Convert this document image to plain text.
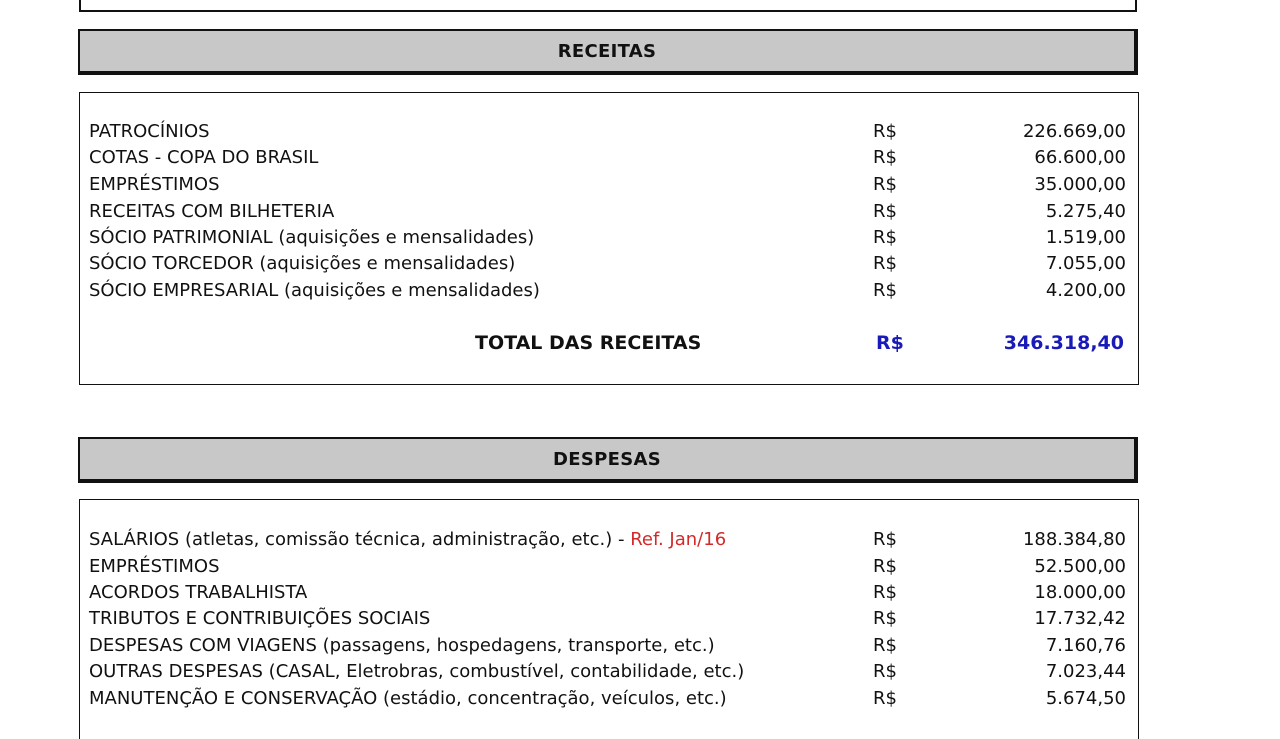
RECEITAS
PATROCÍNIOS	R$	226.669,00
COTAS - COPA DO BRASIL	R$	66.600,00
EMPRÉSTIMOS	R$	35.000,00
RECEITAS COM BILHETERIA	R$	5.275,40
SÓCIO PATRIMONIAL (aquisições e mensalidades)	R$	1.519,00
SÓCIO TORCEDOR (aquisições e mensalidades)	R$	7.055,00
SÓCIO EMPRESARIAL (aquisições e mensalidades)	R$	4.200,00
TOTAL DAS RECEITAS	R$	346.318,40
DESPESAS
SALÁRIOS (atletas, comissão técnica, administração, etc.) - Ref. Jan/16	R$	188.384,80
EMPRÉSTIMOS	R$	52.500,00
ACORDOS TRABALHISTA	R$	18.000,00
TRIBUTOS E CONTRIBUIÇÕES SOCIAIS	R$	17.732,42
DESPESAS COM VIAGENS (passagens, hospedagens, transporte, etc.)	R$	7.160,76
OUTRAS DESPESAS (CASAL, Eletrobras, combustível, contabilidade, etc.)	R$	7.023,44
MANUTENÇÃO E CONSERVAÇÃO (estádio, concentração, veículos, etc.)	R$	5.674,50
